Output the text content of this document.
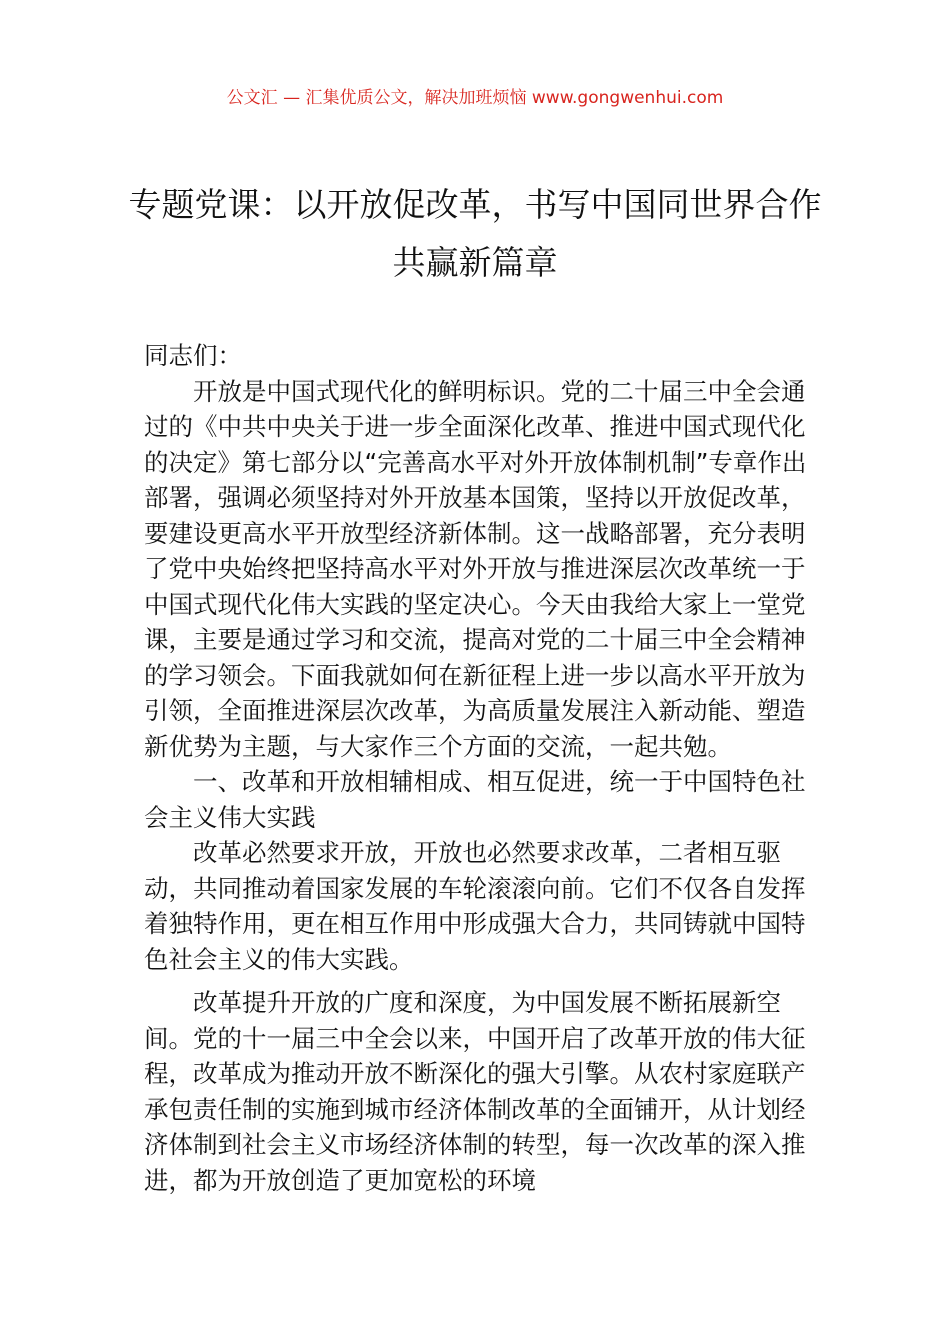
公文汇 — 汇集优质公文，解决加班烦恼 www.gongwenhui.com
专题党课：以开放促改革，书写中国同世界合作共赢新篇章

同志们：

开放是中国式现代化的鲜明标识。党的二十届三中全会通过的《中共中央关于进一步全面深化改革、推进中国式现代化的决定》第七部分以“完善高水平对外开放体制机制”专章作出部署，强调必须坚持对外开放基本国策，坚持以开放促改革，要建设更高水平开放型经济新体制。这一战略部署，充分表明了党中央始终把坚持高水平对外开放与推进深层次改革统一于中国式现代化伟大实践的坚定决心。今天由我给大家上一堂党课，主要是通过学习和交流，提高对党的二十届三中全会精神的学习领会。下面我就如何在新征程上进一步以高水平开放为引领，全面推进深层次改革，为高质量发展注入新动能、塑造新优势为主题，与大家作三个方面的交流，一起共勉。

一、改革和开放相辅相成、相互促进，统一于中国特色社会主义伟大实践

改革必然要求开放，开放也必然要求改革，二者相互驱动，共同推动着国家发展的车轮滚滚向前。它们不仅各自发挥着独特作用，更在相互作用中形成强大合力，共同铸就中国特色社会主义的伟大实践。

改革提升开放的广度和深度，为中国发展不断拓展新空间。党的十一届三中全会以来，中国开启了改革开放的伟大征程，改革成为推动开放不断深化的强大引擎。从农村家庭联产承包责任制的实施到城市经济体制改革的全面铺开，从计划经济体制到社会主义市场经济体制的转型，每一次改革的深入推进，都为开放创造了更加宽松的环境
